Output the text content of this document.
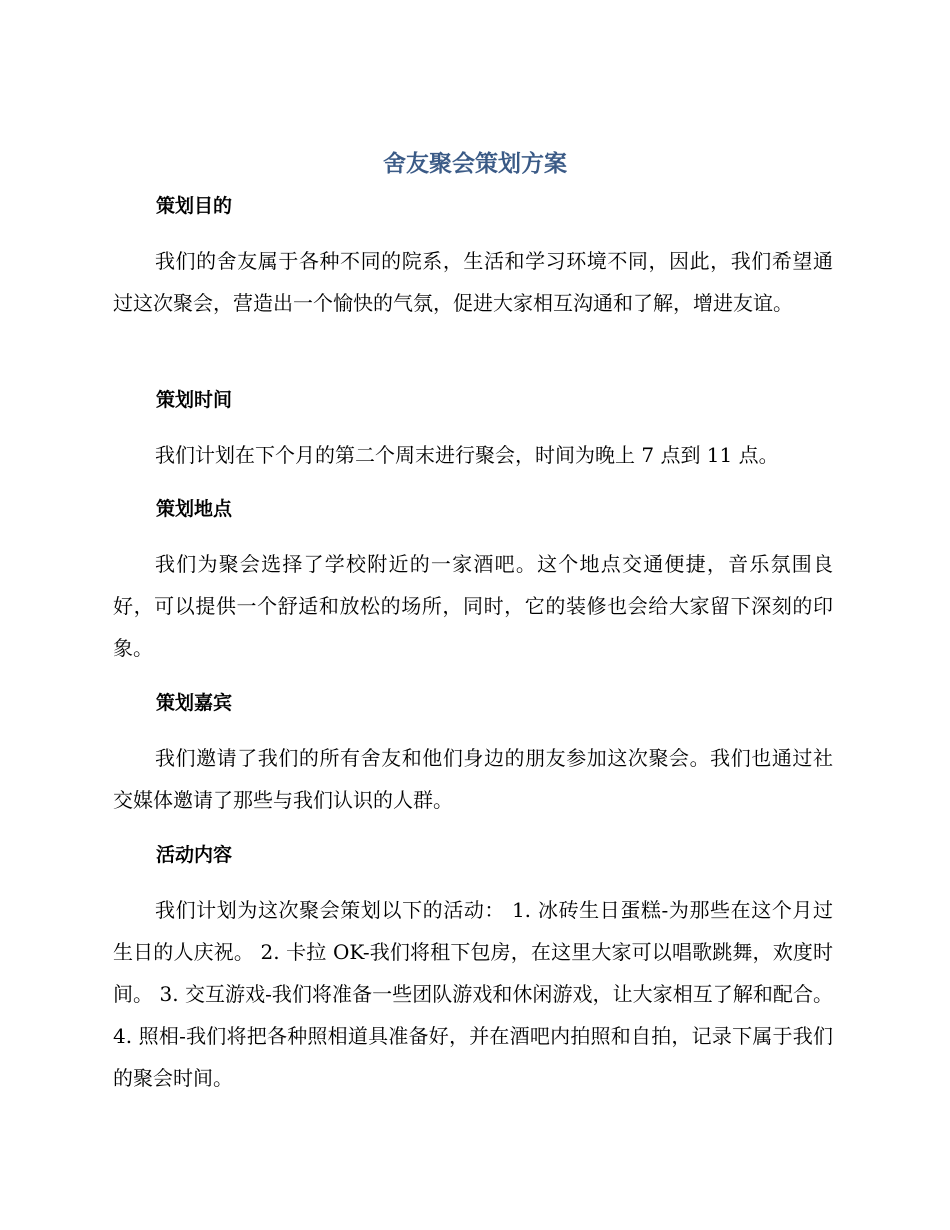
舍友聚会策划方案
策划目的

我们的舍友属于各种不同的院系，生活和学习环境不同，因此，我们希望通过这次聚会，营造出一个愉快的气氛，促进大家相互沟通和了解，增进友谊。

策划时间

我们计划在下个月的第二个周末进行聚会，时间为晚上 7 点到 11 点。

策划地点

我们为聚会选择了学校附近的一家酒吧。这个地点交通便捷，音乐氛围良好，可以提供一个舒适和放松的场所，同时，它的装修也会给大家留下深刻的印象。

策划嘉宾

我们邀请了我们的所有舍友和他们身边的朋友参加这次聚会。我们也通过社交媒体邀请了那些与我们认识的人群。

活动内容

我们计划为这次聚会策划以下的活动： 1. 冰砖生日蛋糕-为那些在这个月过生日的人庆祝。 2. 卡拉 OK-我们将租下包房，在这里大家可以唱歌跳舞，欢度时间。 3. 交互游戏-我们将准备一些团队游戏和休闲游戏，让大家相互了解和配合。 4. 照相-我们将把各种照相道具准备好，并在酒吧内拍照和自拍，记录下属于我们的聚会时间。
